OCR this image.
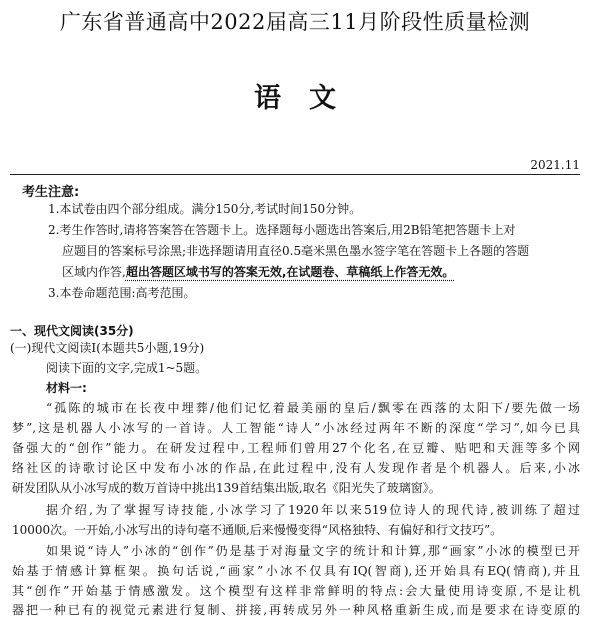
广东省普通高中2022届高三11月阶段性质量检测
语文
2021.11
考生注意:
1.本试卷由四个部分组成。满分150分,考试时间150分钟。
2.考生作答时,请将答案答在答题卡上。选择题每小题选出答案后,用2B铅笔把答题卡上对
应题目的答案标号涂黑;非选择题请用直径0.5毫米黑色墨水签字笔在答题卡上各题的答题
区域内作答,超出答题区域书写的答案无效,在试题卷、草稿纸上作答无效。
3.本卷命题范围:高考范围。
一、现代文阅读(35分)
(一)现代文阅读Ⅰ(本题共5小题,19分)
阅读下面的文字,完成1~5题。
材料一:
“孤陈的城市在长夜中埋葬/他们记忆着最美丽的皇后/飘零在西落的太阳下/要先做一场
梦”,这是机器人小冰写的一首诗。人工智能“诗人”小冰经过两年不断的深度“学习”,如今已具
备强大的“创作”能力。在研发过程中,工程师们曾用27个化名,在豆瓣、贴吧和天涯等多个网
络社区的诗歌讨论区中发布小冰的作品,在此过程中,没有人发现作者是个机器人。后来,小冰
研发团队从小冰写成的数万首诗中挑出139首结集出版,取名《阳光失了玻璃窗》。
据介绍,为了掌握写诗技能,小冰学习了1920年以来519位诗人的现代诗,被训练了超过
10000次。一开始,小冰写出的诗句毫不通顺,后来慢慢变得“风格独特、有偏好和行文技巧”。
如果说“诗人”小冰的“创作”仍是基于对海量文字的统计和计算,那“画家”小冰的模型已开
始基于情感计算框架。换句话说,“画家”小冰不仅具有IQ(智商),还开始具有EQ(情商),并且
其“创作”开始基于情感激发。这个模型有这样非常鲜明的特点:会大量使用诗变原,不是让机
器把一种已有的视觉元素进行复制、拼接,再转成另外一种风格重新生成,而是要求在诗变原的
